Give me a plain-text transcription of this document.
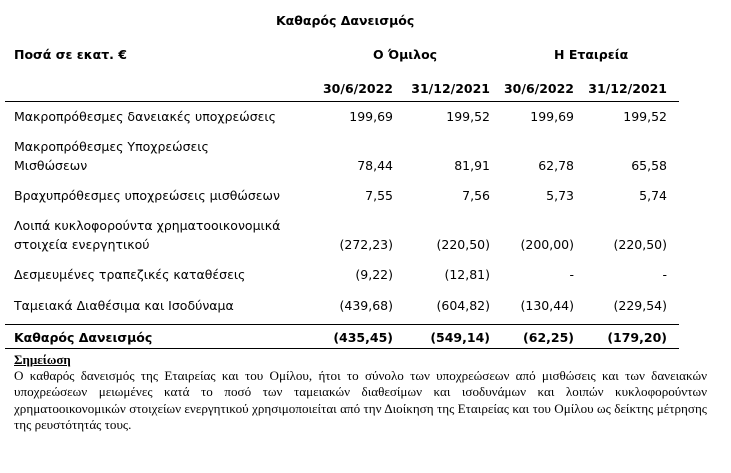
Καθαρός Δανεισμός
Ποσά σε εκατ. €	Ο Όμιλος	Η Εταιρεία
30/6/2022	31/12/2021	30/6/2022	31/12/2021
Μακροπρόθεσμες δανειακές υποχρεώσεις	199,69	199,52	199,69	199,52
Μακροπρόθεσμες Υποχρεώσεις
Μισθώσεων	78,44	81,91	62,78	65,58
Βραχυπρόθεσμες υποχρεώσεις μισθώσεων	7,55	7,56	5,73	5,74
Λοιπά κυκλοφορούντα χρηματοοικονομικά
στοιχεία ενεργητικού	(272,23)	(220,50)	(200,00)	(220,50)
Δεσμευμένες τραπεζικές καταθέσεις	(9,22)	(12,81)	-	-
Ταμειακά Διαθέσιμα και Ισοδύναμα	(439,68)	(604,82)	(130,44)	(229,54)
Καθαρός Δανεισμός	(435,45)	(549,14)	(62,25)	(179,20)
Σημείωση
Ο καθαρός δανεισμός της Εταιρείας και του Ομίλου, ήτοι το σύνολο των υποχρεώσεων από μισθώσεις και των δανειακών υποχρεώσεων μειωμένες κατά το ποσό των ταμειακών διαθεσίμων και ισοδυνάμων και λοιπών κυκλοφορούντων χρηματοοικονομικών στοιχείων ενεργητικού χρησιμοποιείται από την Διοίκηση της Εταιρείας και του Ομίλου ως δείκτης μέτρησης της ρευστότητάς τους.
